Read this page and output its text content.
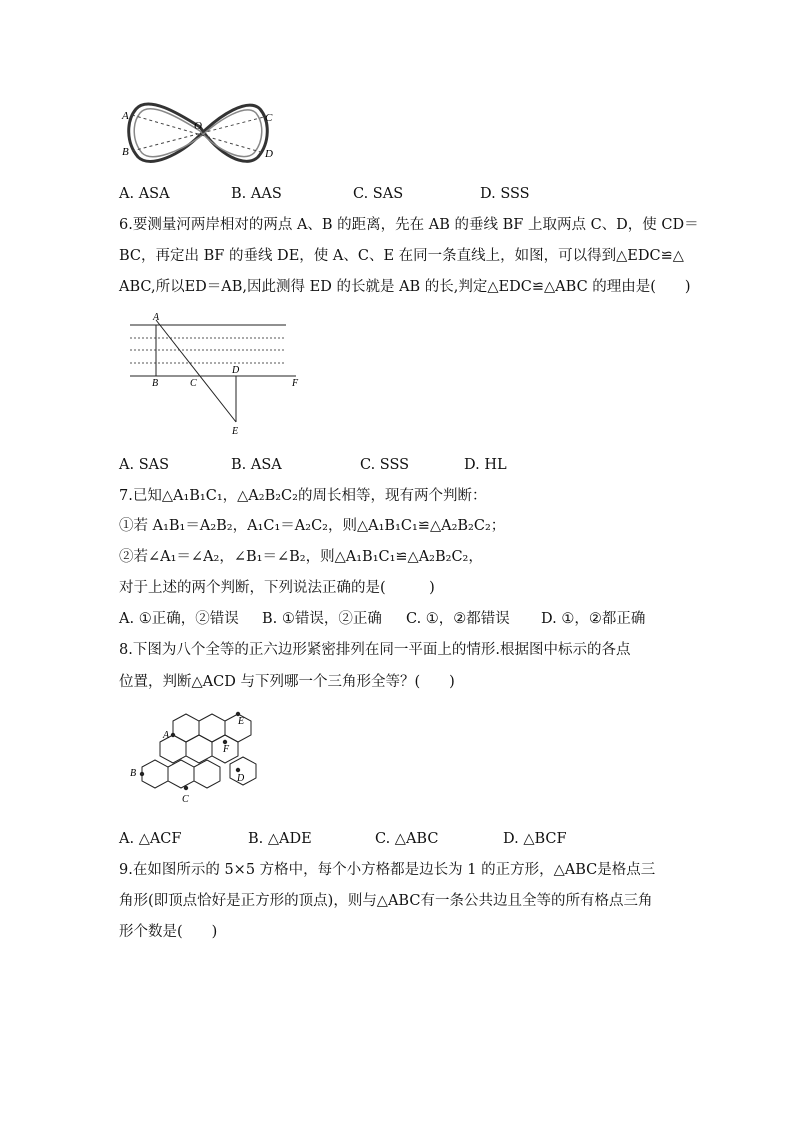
A
B
O
C
D
A. ASA	B. AAS	C. SAS	D. SSS
6.要测量河两岸相对的两点 A、B 的距离，先在 AB 的垂线 BF 上取两点 C、D，使 CD＝
BC，再定出 BF 的垂线 DE，使 A、C、E 在同一条直线上，如图，可以得到△EDC≌△
ABC,所以ED＝AB,因此测得 ED 的长就是 AB 的长,判定△EDC≌△ABC 的理由是(　　)
A
B	C
D
F
E
A. SAS	B. ASA	C. SSS	D. HL
7.已知△A₁B₁C₁，△A₂B₂C₂的周长相等，现有两个判断：
①若 A₁B₁＝A₂B₂，A₁C₁＝A₂C₂，则△A₁B₁C₁≌△A₂B₂C₂；
②若∠A₁＝∠A₂，∠B₁＝∠B₂，则△A₁B₁C₁≌△A₂B₂C₂，
对于上述的两个判断，下列说法正确的是(　　　)
A. ①正确，②错误 B. ①错误，②正确 C. ①，②都错误 D. ①，②都正确
8.下图为八个全等的正六边形紧密排列在同一平面上的情形.根据图中标示的各点
位置，判断△ACD 与下列哪一个三角形全等？(　　)
A
B
C
D
E
F
A. △ACF	B. △ADE	C. △ABC	D. △BCF
9.在如图所示的 5×5 方格中，每个小方格都是边长为 1 的正方形，△ABC是格点三
角形(即顶点恰好是正方形的顶点)，则与△ABC有一条公共边且全等的所有格点三角
形个数是(　　)
